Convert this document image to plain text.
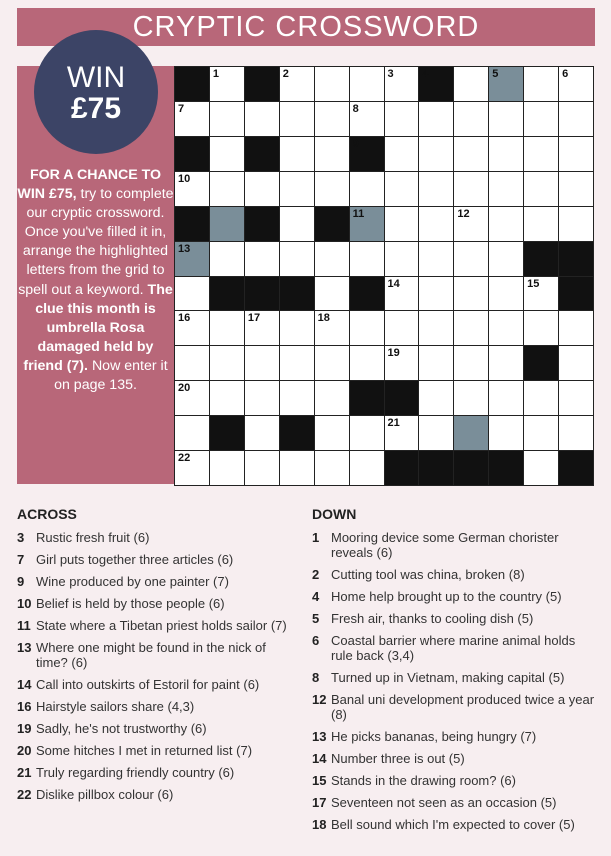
CRYPTIC CROSSWORD
FOR A CHANCE TO WIN £75, try to complete our cryptic crossword. Once you've filled it in, arrange the highlighted letters from the grid to spell out a keyword. The clue this month is umbrella Rosa damaged held by friend (7). Now enter it on page 135.
WIN
£75
1	2	3	4	5	6
7	8
9
10
11	12
13
14	15
16	17	18
19
20
21
22
ACROSS
3 Rustic fresh fruit (6)
7 Girl puts together three articles (6)
9 Wine produced by one painter (7)
10 Belief is held by those people (6)
11 State where a Tibetan priest holds sailor (7)
13 Where one might be found in the nick of time? (6)
14 Call into outskirts of Estoril for paint (6)
16 Hairstyle sailors share (4,3)
19 Sadly, he's not trustworthy (6)
20 Some hitches I met in returned list (7)
21 Truly regarding friendly country (6)
22 Dislike pillbox colour (6)
DOWN
1 Mooring device some German chorister reveals (6)
2 Cutting tool was china, broken (8)
4 Home help brought up to the country (5)
5 Fresh air, thanks to cooling dish (5)
6 Coastal barrier where marine animal holds rule back (3,4)
8 Turned up in Vietnam, making capital (5)
12 Banal uni development produced twice a year (8)
13 He picks bananas, being hungry (7)
14 Number three is out (5)
15 Stands in the drawing room? (6)
17 Seventeen not seen as an occasion (5)
18 Bell sound which I'm expected to cover (5)
